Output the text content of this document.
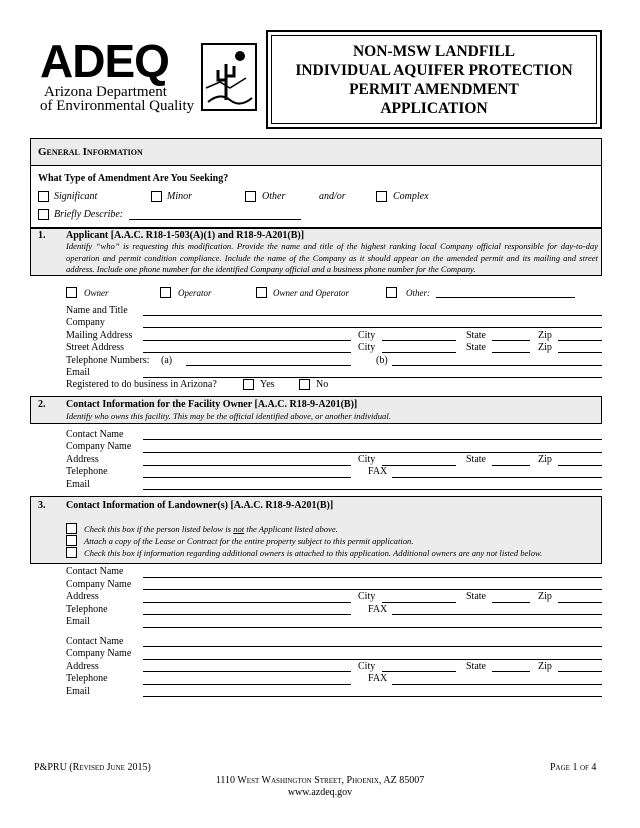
ADEQ
Arizona Department
of Environmental Quality
NON-MSW LANDFILL
INDIVIDUAL AQUIFER PROTECTION
PERMIT AMENDMENT
APPLICATION
General Information
What Type of Amendment Are You Seeking?
Significant	Minor	Other	and/or	Complex
Briefly Describe:
1. Applicant [A.A.C. R18-1-503(A)(1) and R18-9-A201(B)]
Identify “who” is requesting this modification. Provide the name and title of the highest ranking local Company official responsible for day-to-day operation and permit condition compliance. Include the name of the Company as it should appear on the amended permit and its mailing and street address. Include one phone number for the identified Company official and a business phone number for the Company.
Owner	Operator	Owner and Operator	Other:
Name and Title
Company
Mailing Address	City	State	Zip
Street Address	City	State	Zip
Telephone Numbers: (a)	(b)
Email
Registered to do business in Arizona?	Yes	No
2. Contact Information for the Facility Owner [A.A.C. R18-9-A201(B)]
Identify who owns this facility. This may be the official identified above, or another individual.
Contact Name
Company Name
Address	City	State	Zip
Telephone	FAX
Email
3. Contact Information of Landowner(s) [A.A.C. R18-9-A201(B)]
Check this box if the person listed below is not the Applicant listed above.
Attach a copy of the Lease or Contract for the entire property subject to this permit application.
Check this box if information regarding additional owners is attached to this application. Additional owners are any not listed below.
Contact Name
Company Name
Address	City	State	Zip
Telephone	FAX
Email
Contact Name
Company Name
Address	City	State	Zip
Telephone	FAX
Email
P&PRU (Revised June 2015)	Page 1 of 4
1110 West Washington Street, Phoenix, AZ 85007
www.azdeq.gov
